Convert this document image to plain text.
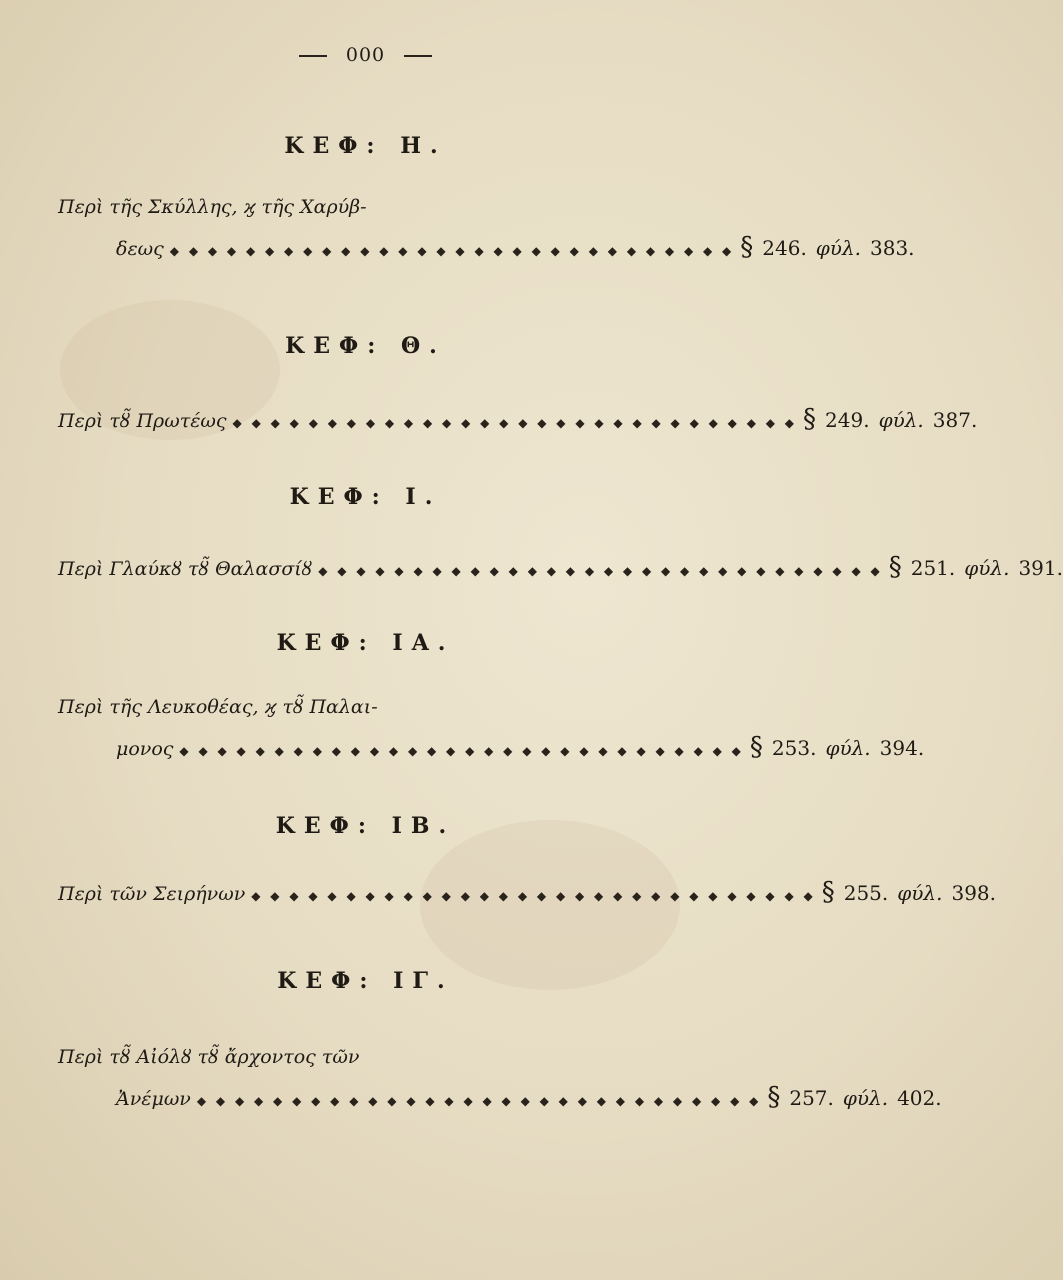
000
ΚΕΦ: Η.
Περὶ τῆς Σκύλλης, ϗ τῆς Χαρύβ-
δεως ◆ ◆ ◆ ◆ ◆ ◆ ◆ ◆ ◆ ◆ ◆ ◆ ◆ ◆ ◆ ◆ ◆ ◆ ◆ ◆ ◆ ◆ ◆ ◆ ◆ ◆ ◆ ◆ ◆ ◆ § 246. φύλ. 383.
ΚΕΦ: Θ.
Περὶ τȣ̃ Πρωτέως ◆ ◆ ◆ ◆ ◆ ◆ ◆ ◆ ◆ ◆ ◆ ◆ ◆ ◆ ◆ ◆ ◆ ◆ ◆ ◆ ◆ ◆ ◆ ◆ ◆ ◆ ◆ ◆ ◆ ◆ § 249. φύλ. 387.
ΚΕΦ: Ι.
Περὶ Γλαύκȣ τȣ̃ Θαλασσίȣ ◆ ◆ ◆ ◆ ◆ ◆ ◆ ◆ ◆ ◆ ◆ ◆ ◆ ◆ ◆ ◆ ◆ ◆ ◆ ◆ ◆ ◆ ◆ ◆ ◆ ◆ ◆ ◆ ◆ ◆ § 251. φύλ. 391.
ΚΕΦ: ΙΑ.
Περὶ τῆς Λευκοθέας, ϗ τȣ̃ Παλαι-
μονος ◆ ◆ ◆ ◆ ◆ ◆ ◆ ◆ ◆ ◆ ◆ ◆ ◆ ◆ ◆ ◆ ◆ ◆ ◆ ◆ ◆ ◆ ◆ ◆ ◆ ◆ ◆ ◆ ◆ ◆ § 253. φύλ. 394.
ΚΕΦ: ΙΒ.
Περὶ τῶν Σειρήνων ◆ ◆ ◆ ◆ ◆ ◆ ◆ ◆ ◆ ◆ ◆ ◆ ◆ ◆ ◆ ◆ ◆ ◆ ◆ ◆ ◆ ◆ ◆ ◆ ◆ ◆ ◆ ◆ ◆ ◆ § 255. φύλ. 398.
ΚΕΦ: ΙΓ.
Περὶ τȣ̃ Αἰόλȣ τȣ̃ ἄρχοντος τῶν
Ἀνέμων ◆ ◆ ◆ ◆ ◆ ◆ ◆ ◆ ◆ ◆ ◆ ◆ ◆ ◆ ◆ ◆ ◆ ◆ ◆ ◆ ◆ ◆ ◆ ◆ ◆ ◆ ◆ ◆ ◆ ◆ § 257. φύλ. 402.
